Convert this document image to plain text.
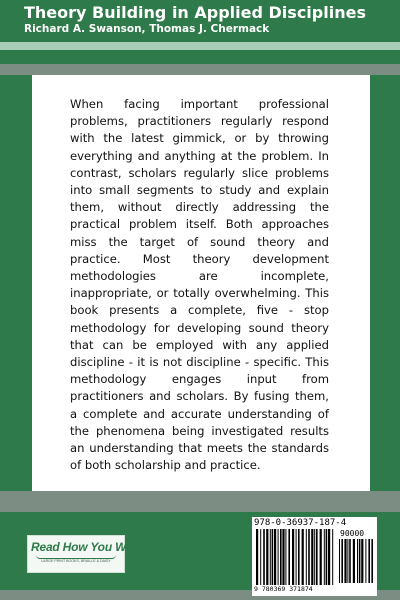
Theory Building in Applied Disciplines
Richard A. Swanson, Thomas J. Chermack

When facing important professional problems, practitioners regularly respond with the latest gimmick, or by throwing everything and anything at the problem. In contrast, scholars regularly slice problems into small segments to study and explain them, without directly addressing the practical problem itself. Both approaches miss the target of sound theory and practice. Most theory development methodologies are incomplete, inappropriate, or totally overwhelming. This book presents a complete, five - stop methodology for developing sound theory that can be employed with any applied discipline - it is not discipline - specific. This methodology engages input from practitioners and scholars. By fusing them, a complete and accurate understanding of the phenomena being investigated results an understanding that meets the standards of both scholarship and practice.

Read How You Want
LARGE PRINT BOOKS, BRAILLE & DAISY
978-0-36937-187-4
90000
9 780369 371874
